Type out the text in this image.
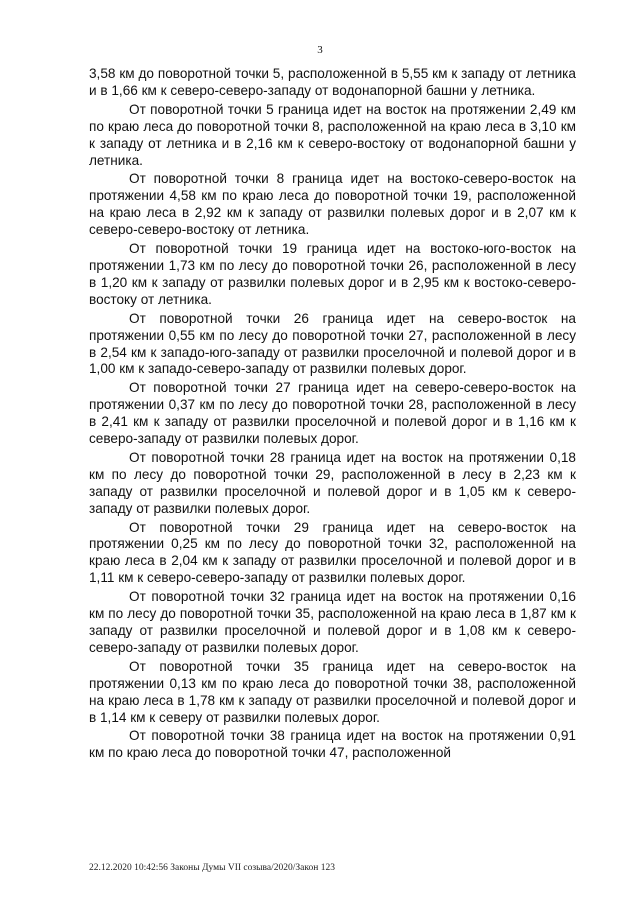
3

3,58 км до поворотной точки 5, расположенной в 5,55 км к западу от летника и в 1,66 км к северо-северо-западу от водонапорной башни у летника.

От поворотной точки 5 граница идет на восток на протяжении 2,49 км по краю леса до поворотной точки 8, расположенной на краю леса в 3,10 км к западу от летника и в 2,16 км к северо-востоку от водонапорной башни у летника.

От поворотной точки 8 граница идет на востоко-северо-восток на протяжении 4,58 км по краю леса до поворотной точки 19, расположенной на краю леса в 2,92 км к западу от развилки полевых дорог и в 2,07 км к северо-северо-востоку от летника.

От поворотной точки 19 граница идет на востоко-юго-восток на протяжении 1,73 км по лесу до поворотной точки 26, расположенной в лесу в 1,20 км к западу от развилки полевых дорог и в 2,95 км к востоко-северо-востоку от летника.

От поворотной точки 26 граница идет на северо-восток на протяжении 0,55 км по лесу до поворотной точки 27, расположенной в лесу в 2,54 км к западо-юго-западу от развилки проселочной и полевой дорог и в 1,00 км к западо-северо-западу от развилки полевых дорог.

От поворотной точки 27 граница идет на северо-северо-восток на протяжении 0,37 км по лесу до поворотной точки 28, расположенной в лесу в 2,41 км к западу от развилки проселочной и полевой дорог и в 1,16 км к северо-западу от развилки полевых дорог.

От поворотной точки 28 граница идет на восток на протяжении 0,18 км по лесу до поворотной точки 29, расположенной в лесу в 2,23 км к западу от развилки проселочной и полевой дорог и в 1,05 км к северо-западу от развилки полевых дорог.

От поворотной точки 29 граница идет на северо-восток на протяжении 0,25 км по лесу до поворотной точки 32, расположенной на краю леса в 2,04 км к западу от развилки проселочной и полевой дорог и в 1,11 км к северо-северо-западу от развилки полевых дорог.

От поворотной точки 32 граница идет на восток на протяжении 0,16 км по лесу до поворотной точки 35, расположенной на краю леса в 1,87 км к западу от развилки проселочной и полевой дорог и в 1,08 км к северо-северо-западу от развилки полевых дорог.

От поворотной точки 35 граница идет на северо-восток на протяжении 0,13 км по краю леса до поворотной точки 38, расположенной на краю леса в 1,78 км к западу от развилки проселочной и полевой дорог и в 1,14 км к северу от развилки полевых дорог.

От поворотной точки 38 граница идет на восток на протяжении 0,91 км по краю леса до поворотной точки 47, расположенной

22.12.2020 10:42:56 Законы Думы VII созыва/2020/Закон 123
